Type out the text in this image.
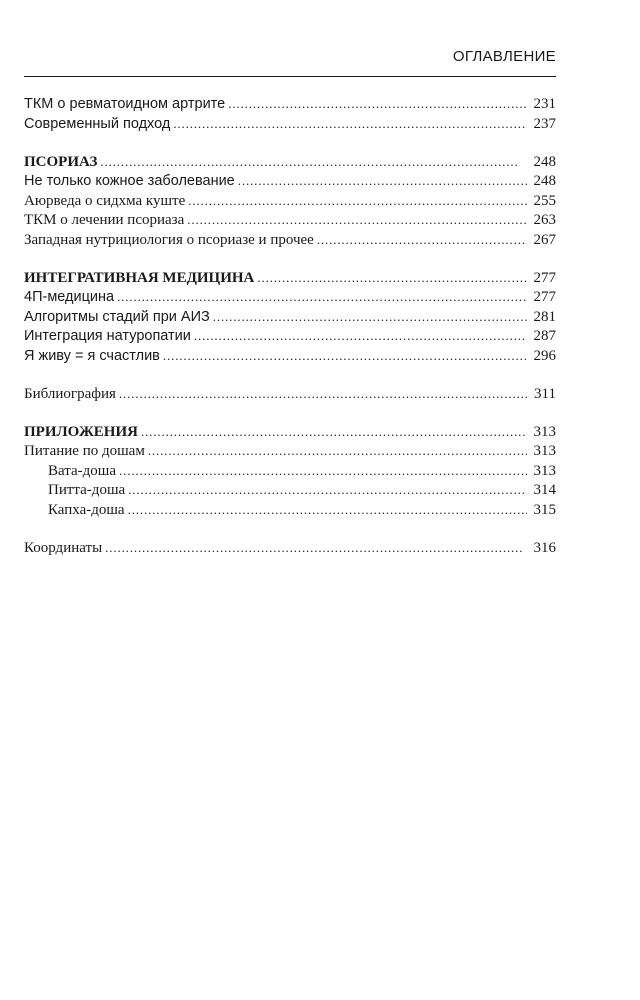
ОГЛАВЛЕНИЕ
ТКМ о ревматоидном артрите . . .	231
Современный подход . . .	237
ПСОРИАЗ . . .	248
Не только кожное заболевание . . .	248
Аюрведа о сидхма куште . . .	255
ТКМ о лечении псориаза . . .	263
Западная нутрициология о псориазе и прочее . . .	267
ИНТЕГРАТИВНАЯ МЕДИЦИНА . . .	277
4П-медицина . . .	277
Алгоритмы стадий при АИЗ . . .	281
Интеграция натуропатии . . .	287
Я живу = я счастлив . . .	296
Библиография . . .	311
ПРИЛОЖЕНИЯ . . .	313
Питание по дошам . . .	313
Вата-доша . . .	313
Питта-доша . . .	314
Капха-доша . . .	315
Координаты . . .	316
